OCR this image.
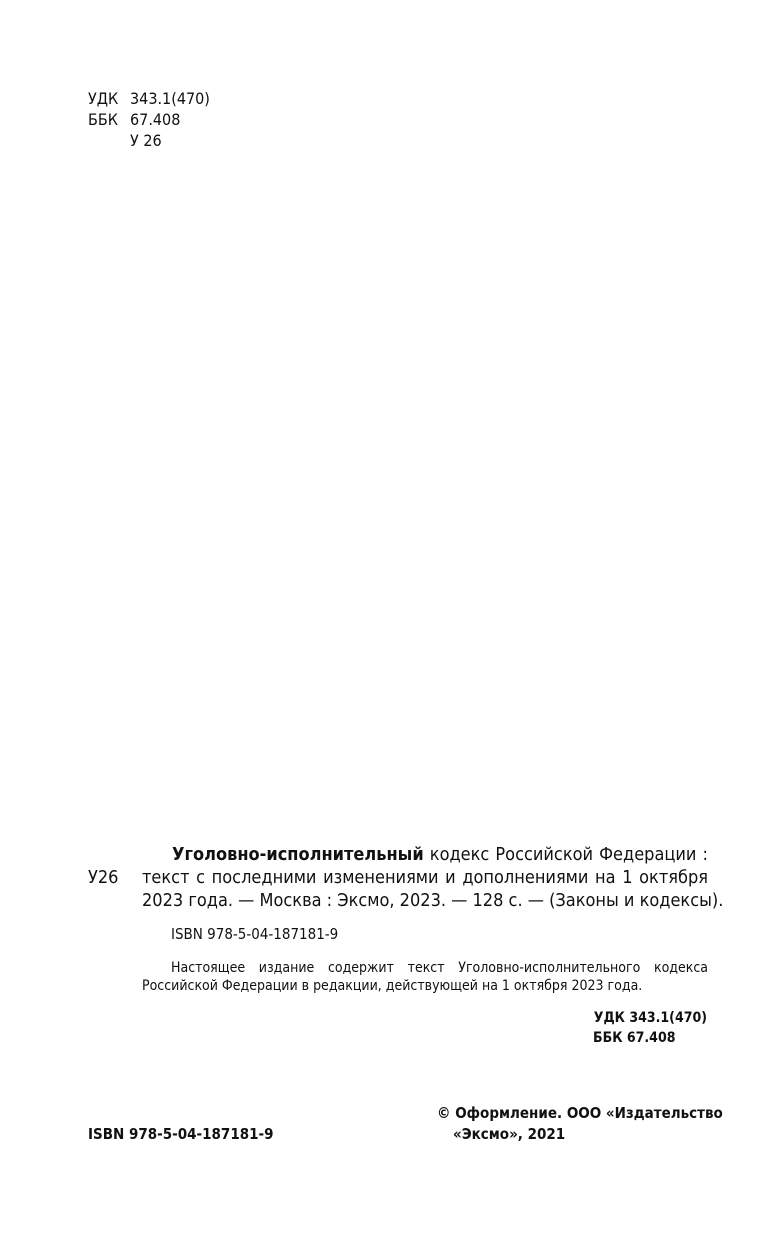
УДК 343.1(470)
ББК 67.408
У 26
У26
Уголовно-исполнительный кодекс Российской Федерации :
текст с последними изменениями и дополнениями на 1 октября
2023 года. — Москва : Эксмо, 2023. — 128 с. — (Законы и кодексы).
ISBN 978-5-04-187181-9
Настоящее издание содержит текст Уголовно-исполнительного кодекса
Российской Федерации в редакции, действующей на 1 октября 2023 года.
УДК 343.1(470)
ББК 67.408
ISBN 978-5-04-187181-9
© Оформление. ООО «Издательство
«Эксмо», 2021
